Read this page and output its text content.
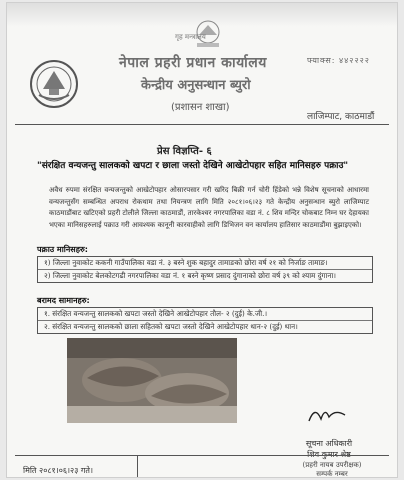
गृह मन्त्रालय
फ्याक्स: ४४२२२२
नेपाल प्रहरी प्रधान कार्यालय
केन्द्रीय अनुसन्धान ब्युरो
(प्रशासन शाखा)
लाजिम्पाट, काठमाडौं
प्रेस विज्ञप्ति- ६
"संरक्षित वन्यजन्तु सालकको खपटा र छाला जस्तो देखिने आखेटोपहार सहित मानिसहरु पक्राउ"
अवैध रुपमा संरक्षित वन्यजन्तुको आखेटोपहार ओसारपसार गरी खरिद बिक्री गर्न चोरी हिंडेको भन्ने विशेष सूचनाको आधारमा वन्यजन्तुसँग सम्बन्धित अपराध रोकथाम तथा नियन्त्रण लागि मिति २०८१।०६।२३ गते केन्द्रीय अनुसन्धान ब्युरो लाजिम्पाट काठमाडौंबाट खटिएको प्रहरी टोलीले जिल्ला काठमाडौं, तारकेश्वर नगरपालिका वडा नं. ८ शिव मन्दिर चोकबाट निम्न घर देहायका भएका मानिसहरुलाई पक्राउ गरी आवश्यक कानूनी कारवाहीको लागि डिभिजन वन कार्यालय हातिसार काठमाडौंमा बुझाइएको।
पक्राउ मानिसहरु:
१) जिल्ला नुवाकोट ककनी गाउँपालिका वडा नं. ३ बस्ने शुक बहादुर तामाङको छोरा वर्ष २१ को निर्जाङ तामाङ।
२) जिल्ला नुवाकोट बेलकोटगढी नगरपालिका वडा नं. १ बस्ने कृष्ण प्रसाद दुंगानाको छोरा वर्ष ३९ को श्याम दुंगाना।
बरामद सामानहरु:
१. संरक्षित वन्यजन्तु सालकको खपटा जस्तो देखिने आखेटोपहार तौल- २ (दुई) के.जी.।
२. संरक्षित वन्यजन्तु सालकको छाला सहितको खपटा जस्तो देखिने आखेटोपहार थान-२ (दुई) थान।
सूचना अधिकारी
मिति २०८१।०६।२३ गते।
(प्रहरी नायब उपरीक्षक)
सम्पर्क नम्बर
